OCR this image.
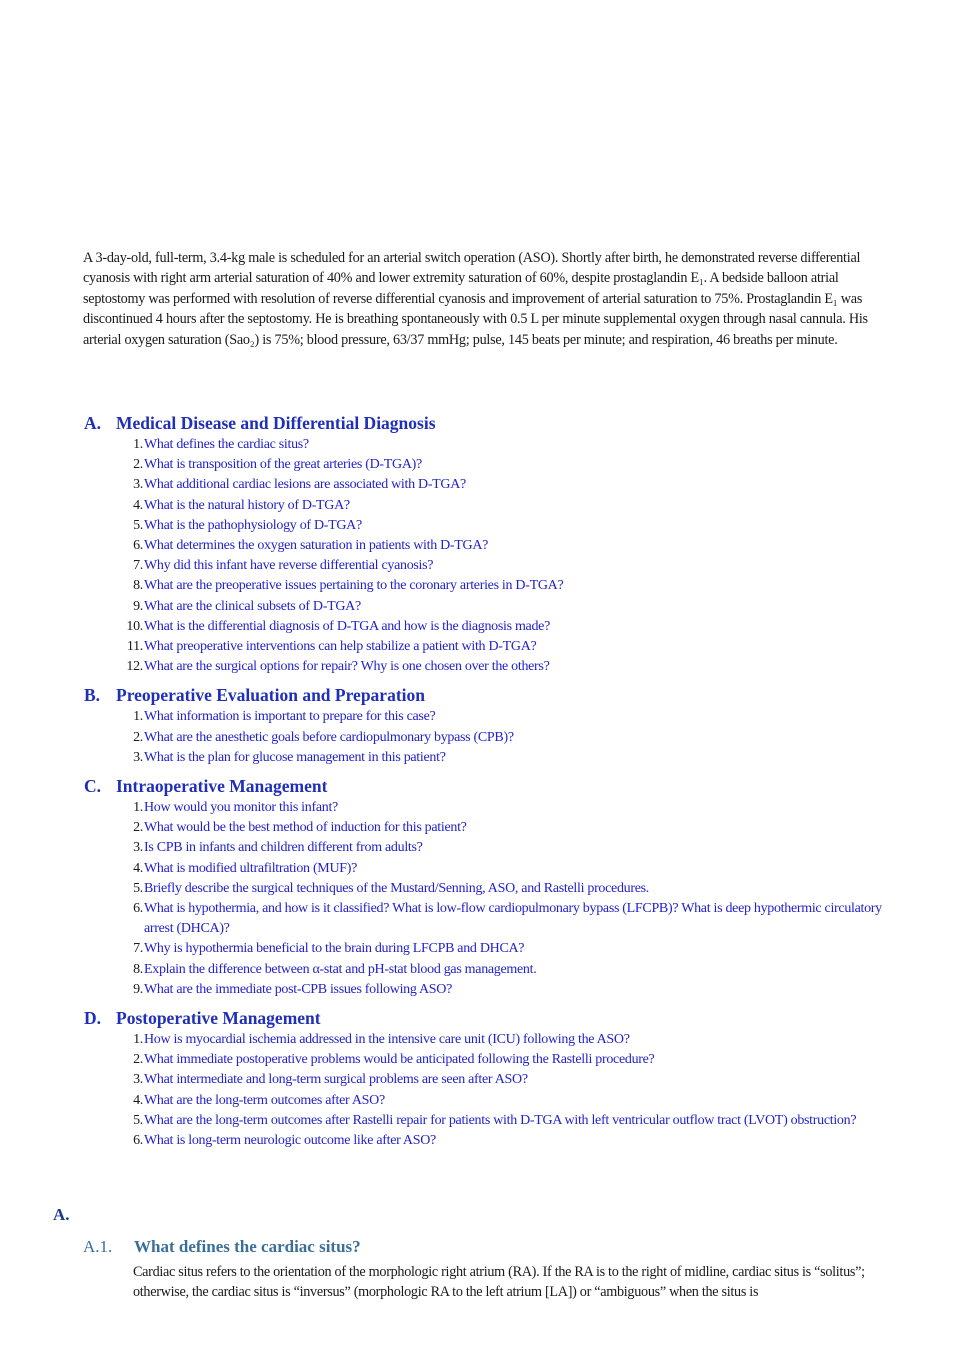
A 3-day-old, full-term, 3.4-kg male is scheduled for an arterial switch operation (ASO). Shortly after birth, he demonstrated reverse differential cyanosis with right arm arterial saturation of 40% and lower extremity saturation of 60%, despite prostaglandin E₁. A bedside balloon atrial septostomy was performed with resolution of reverse differential cyanosis and improvement of arterial saturation to 75%. Prostaglandin E₁ was discontinued 4 hours after the septostomy. He is breathing spontaneously with 0.5 L per minute supplemental oxygen through nasal cannula. His arterial oxygen saturation (Sao₂) is 75%; blood pressure, 63/37 mmHg; pulse, 145 beats per minute; and respiration, 46 breaths per minute.
A. Medical Disease and Differential Diagnosis
1. What defines the cardiac situs?
2. What is transposition of the great arteries (D-TGA)?
3. What additional cardiac lesions are associated with D-TGA?
4. What is the natural history of D-TGA?
5. What is the pathophysiology of D-TGA?
6. What determines the oxygen saturation in patients with D-TGA?
7. Why did this infant have reverse differential cyanosis?
8. What are the preoperative issues pertaining to the coronary arteries in D-TGA?
9. What are the clinical subsets of D-TGA?
10. What is the differential diagnosis of D-TGA and how is the diagnosis made?
11. What preoperative interventions can help stabilize a patient with D-TGA?
12. What are the surgical options for repair? Why is one chosen over the others?
B. Preoperative Evaluation and Preparation
1. What information is important to prepare for this case?
2. What are the anesthetic goals before cardiopulmonary bypass (CPB)?
3. What is the plan for glucose management in this patient?
C. Intraoperative Management
1. How would you monitor this infant?
2. What would be the best method of induction for this patient?
3. Is CPB in infants and children different from adults?
4. What is modified ultrafiltration (MUF)?
5. Briefly describe the surgical techniques of the Mustard/Senning, ASO, and Rastelli procedures.
6. What is hypothermia, and how is it classified? What is low-flow cardiopulmonary bypass (LFCPB)? What is deep hypothermic circulatory arrest (DHCA)?
7. Why is hypothermia beneficial to the brain during LFCPB and DHCA?
8. Explain the difference between α-stat and pH-stat blood gas management.
9. What are the immediate post-CPB issues following ASO?
D. Postoperative Management
1. How is myocardial ischemia addressed in the intensive care unit (ICU) following the ASO?
2. What immediate postoperative problems would be anticipated following the Rastelli procedure?
3. What intermediate and long-term surgical problems are seen after ASO?
4. What are the long-term outcomes after ASO?
5. What are the long-term outcomes after Rastelli repair for patients with D-TGA with left ventricular outflow tract (LVOT) obstruction?
6. What is long-term neurologic outcome like after ASO?
A.
A.1. What defines the cardiac situs?
Cardiac situs refers to the orientation of the morphologic right atrium (RA). If the RA is to the right of midline, cardiac situs is “solitus”; otherwise, the cardiac situs is “inversus” (morphologic RA to the left atrium [LA]) or “ambiguous” when the situs is
